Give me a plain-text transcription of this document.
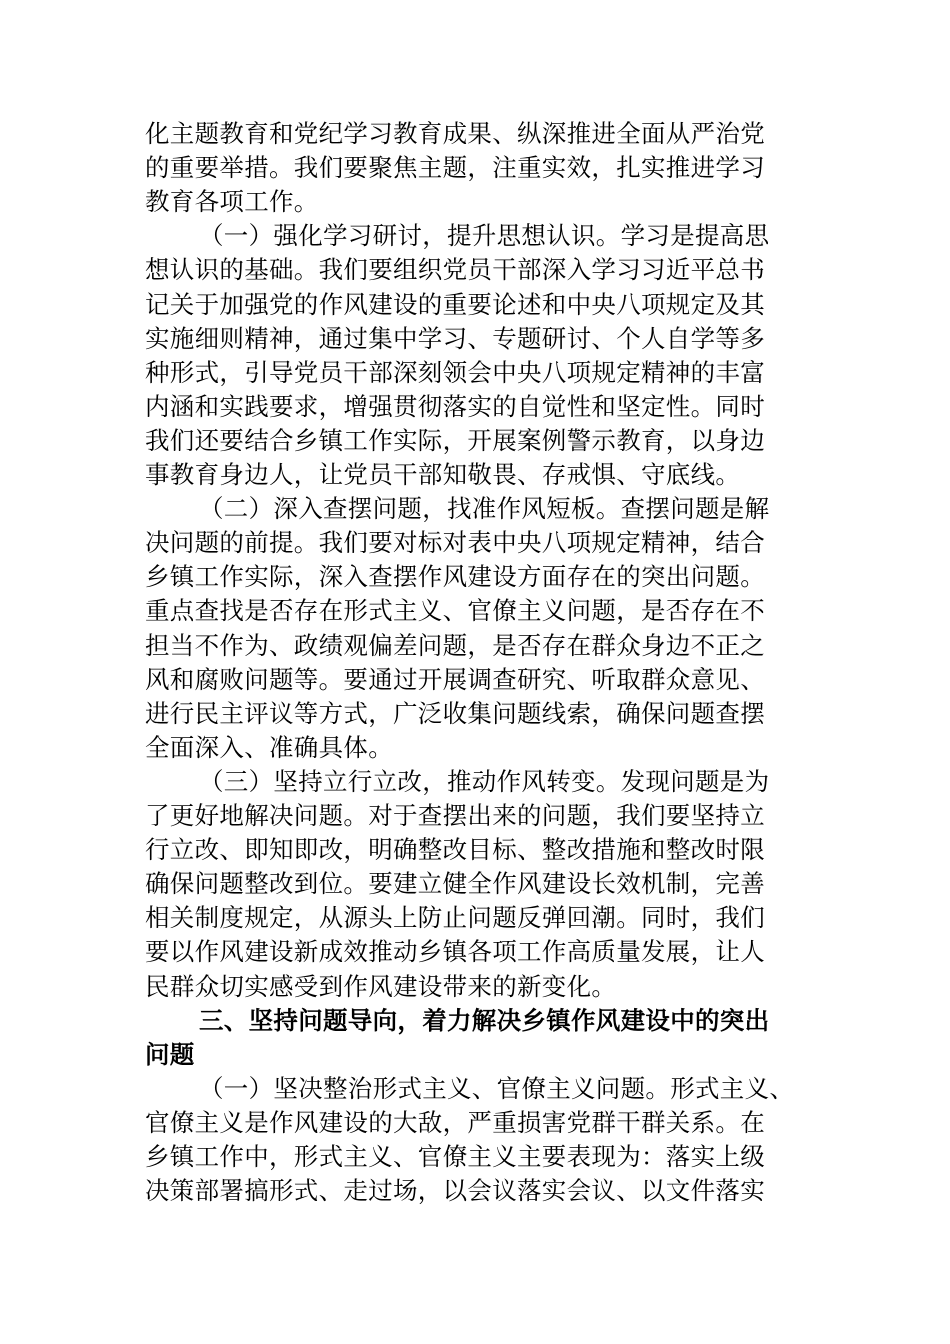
化主题教育和党纪学习教育成果、纵深推进全面从严治党
的重要举措。我们要聚焦主题，注重实效，扎实推进学习
教育各项工作。
（一）强化学习研讨，提升思想认识。学习是提高思
想认识的基础。我们要组织党员干部深入学习习近平总书
记关于加强党的作风建设的重要论述和中央八项规定及其
实施细则精神，通过集中学习、专题研讨、个人自学等多
种形式，引导党员干部深刻领会中央八项规定精神的丰富
内涵和实践要求，增强贯彻落实的自觉性和坚定性。同时
我们还要结合乡镇工作实际，开展案例警示教育，以身边
事教育身边人，让党员干部知敬畏、存戒惧、守底线。
（二）深入查摆问题，找准作风短板。查摆问题是解
决问题的前提。我们要对标对表中央八项规定精神，结合
乡镇工作实际，深入查摆作风建设方面存在的突出问题。
重点查找是否存在形式主义、官僚主义问题，是否存在不
担当不作为、政绩观偏差问题，是否存在群众身边不正之
风和腐败问题等。要通过开展调查研究、听取群众意见、
进行民主评议等方式，广泛收集问题线索，确保问题查摆
全面深入、准确具体。
（三）坚持立行立改，推动作风转变。发现问题是为
了更好地解决问题。对于查摆出来的问题，我们要坚持立
行立改、即知即改，明确整改目标、整改措施和整改时限
确保问题整改到位。要建立健全作风建设长效机制，完善
相关制度规定，从源头上防止问题反弹回潮。同时，我们
要以作风建设新成效推动乡镇各项工作高质量发展，让人
民群众切实感受到作风建设带来的新变化。
三、坚持问题导向，着力解决乡镇作风建设中的突出
问题
（一）坚决整治形式主义、官僚主义问题。形式主义、
官僚主义是作风建设的大敌，严重损害党群干群关系。在
乡镇工作中，形式主义、官僚主义主要表现为：落实上级
决策部署搞形式、走过场，以会议落实会议、以文件落实
